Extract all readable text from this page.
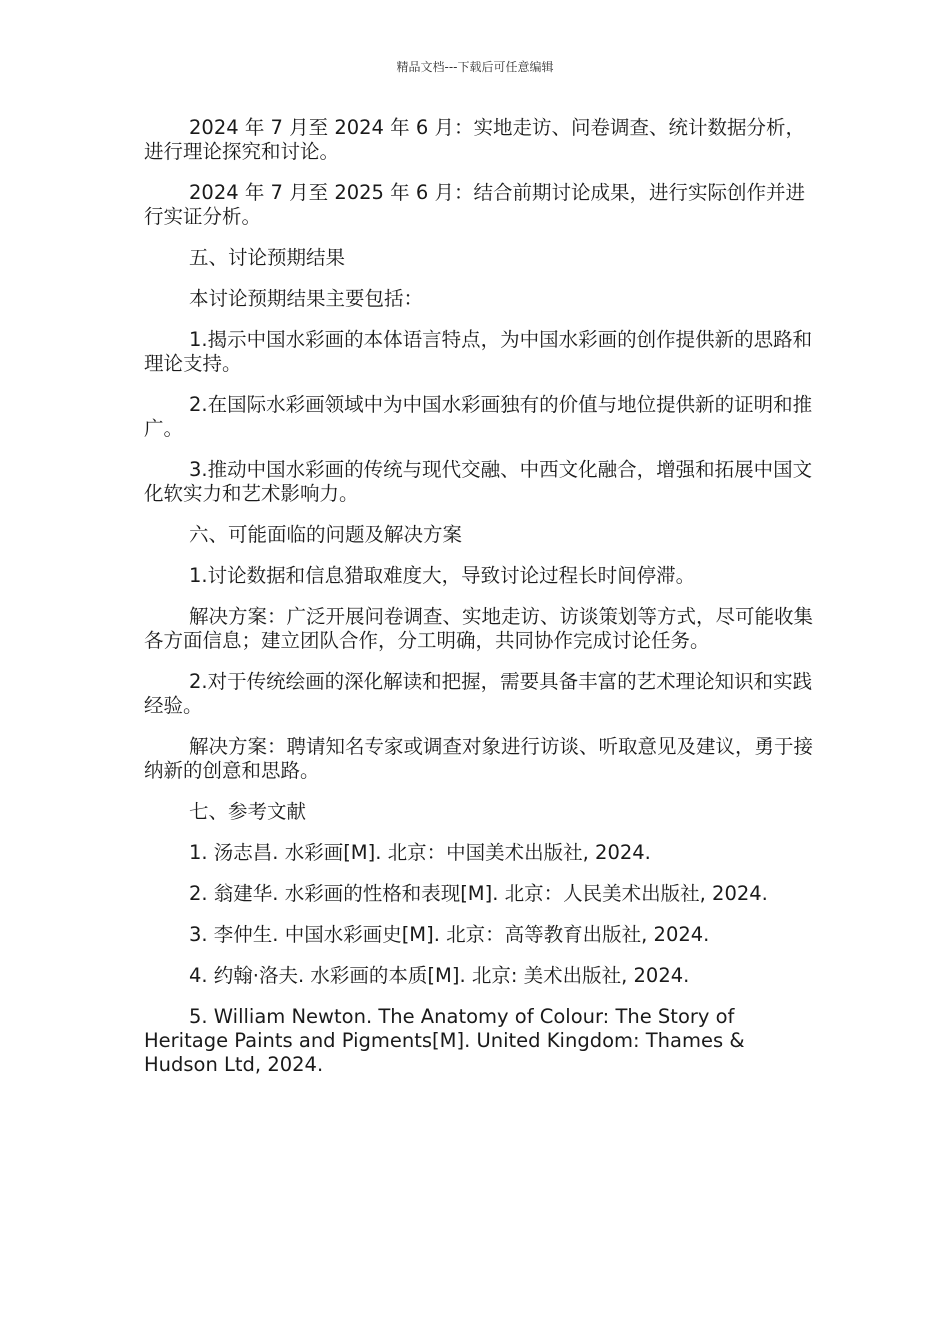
精品文档---下载后可任意编辑

2024 年 7 月至 2024 年 6 月：实地走访、问卷调查、统计数据分析，进行理论探究和讨论。

2024 年 7 月至 2025 年 6 月：结合前期讨论成果，进行实际创作并进行实证分析。

五、讨论预期结果

本讨论预期结果主要包括：

1.揭示中国水彩画的本体语言特点，为中国水彩画的创作提供新的思路和理论支持。

2.在国际水彩画领域中为中国水彩画独有的价值与地位提供新的证明和推广。

3.推动中国水彩画的传统与现代交融、中西文化融合，增强和拓展中国文化软实力和艺术影响力。

六、可能面临的问题及解决方案

1.讨论数据和信息猎取难度大，导致讨论过程长时间停滞。

解决方案：广泛开展问卷调查、实地走访、访谈策划等方式，尽可能收集各方面信息；建立团队合作，分工明确，共同协作完成讨论任务。

2.对于传统绘画的深化解读和把握，需要具备丰富的艺术理论知识和实践经验。

解决方案：聘请知名专家或调查对象进行访谈、听取意见及建议，勇于接纳新的创意和思路。

七、参考文献

1. 汤志昌. 水彩画[M]. 北京：中国美术出版社, 2024.

2. 翁建华. 水彩画的性格和表现[M]. 北京：人民美术出版社, 2024.

3. 李仲生. 中国水彩画史[M]. 北京：高等教育出版社, 2024.

4. 约翰·洛夫. 水彩画的本质[M]. 北京: 美术出版社, 2024.

5. William Newton. The Anatomy of Colour: The Story of Heritage Paints and Pigments[M]. United Kingdom: Thames & Hudson Ltd, 2024.
